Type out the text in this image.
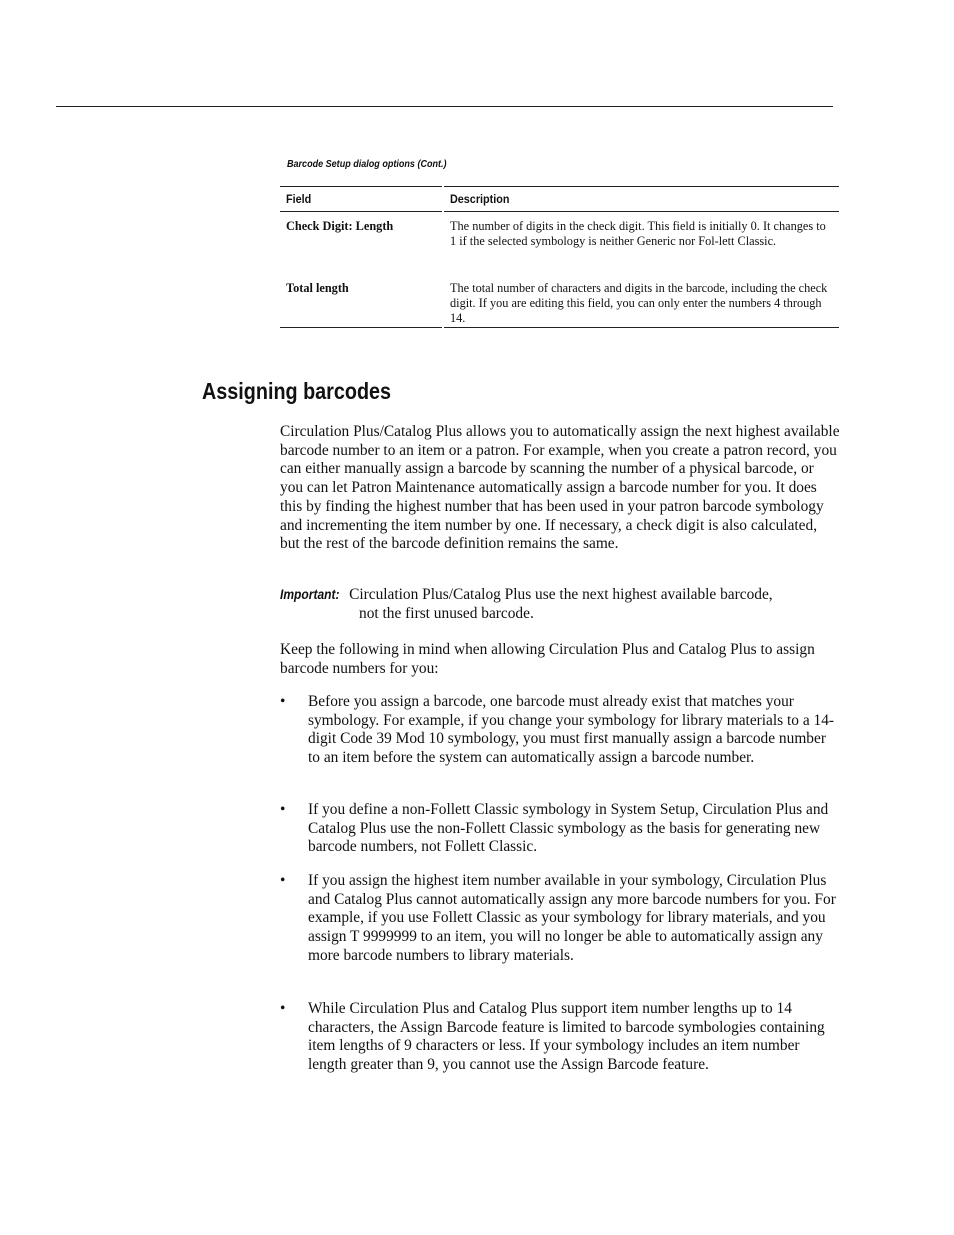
Barcode Setup dialog options (Cont.)
Field	Description
Check Digit: Length	The number of digits in the check digit. This field is initially 0. It changes to 1 if the selected symbology is neither Generic nor Fol-lett Classic.
Total length	The total number of characters and digits in the barcode, including the check digit. If you are editing this field, you can only enter the numbers 4 through 14.
Assigning barcodes

Circulation Plus/Catalog Plus allows you to automatically assign the next highest available barcode number to an item or a patron. For example, when you create a patron record, you can either manually assign a barcode by scanning the number of a physical barcode, or you can let Patron Maintenance automatically assign a barcode number for you. It does this by finding the highest number that has been used in your patron barcode symbology and incrementing the item number by one. If necessary, a check digit is also calculated, but the rest of the barcode definition remains the same.

Important: Circulation Plus/Catalog Plus use the next highest available barcode,
not the first unused barcode.

Keep the following in mind when allowing Circulation Plus and Catalog Plus to assign barcode numbers for you:

•	Before you assign a barcode, one barcode must already exist that matches your symbology. For example, if you change your symbology for library materials to a 14-digit Code 39 Mod 10 symbology, you must first manually assign a barcode number to an item before the system can automatically assign a barcode number.
•	If you define a non-Follett Classic symbology in System Setup, Circulation Plus and Catalog Plus use the non-Follett Classic symbology as the basis for generating new barcode numbers, not Follett Classic.
•	If you assign the highest item number available in your symbology, Circulation Plus and Catalog Plus cannot automatically assign any more barcode numbers for you. For example, if you use Follett Classic as your symbology for library materials, and you assign T 9999999 to an item, you will no longer be able to automatically assign any more barcode numbers to library materials.
•	While Circulation Plus and Catalog Plus support item number lengths up to 14 characters, the Assign Barcode feature is limited to barcode symbologies containing item lengths of 9 characters or less. If your symbology includes an item number length greater than 9, you cannot use the Assign Barcode feature.
